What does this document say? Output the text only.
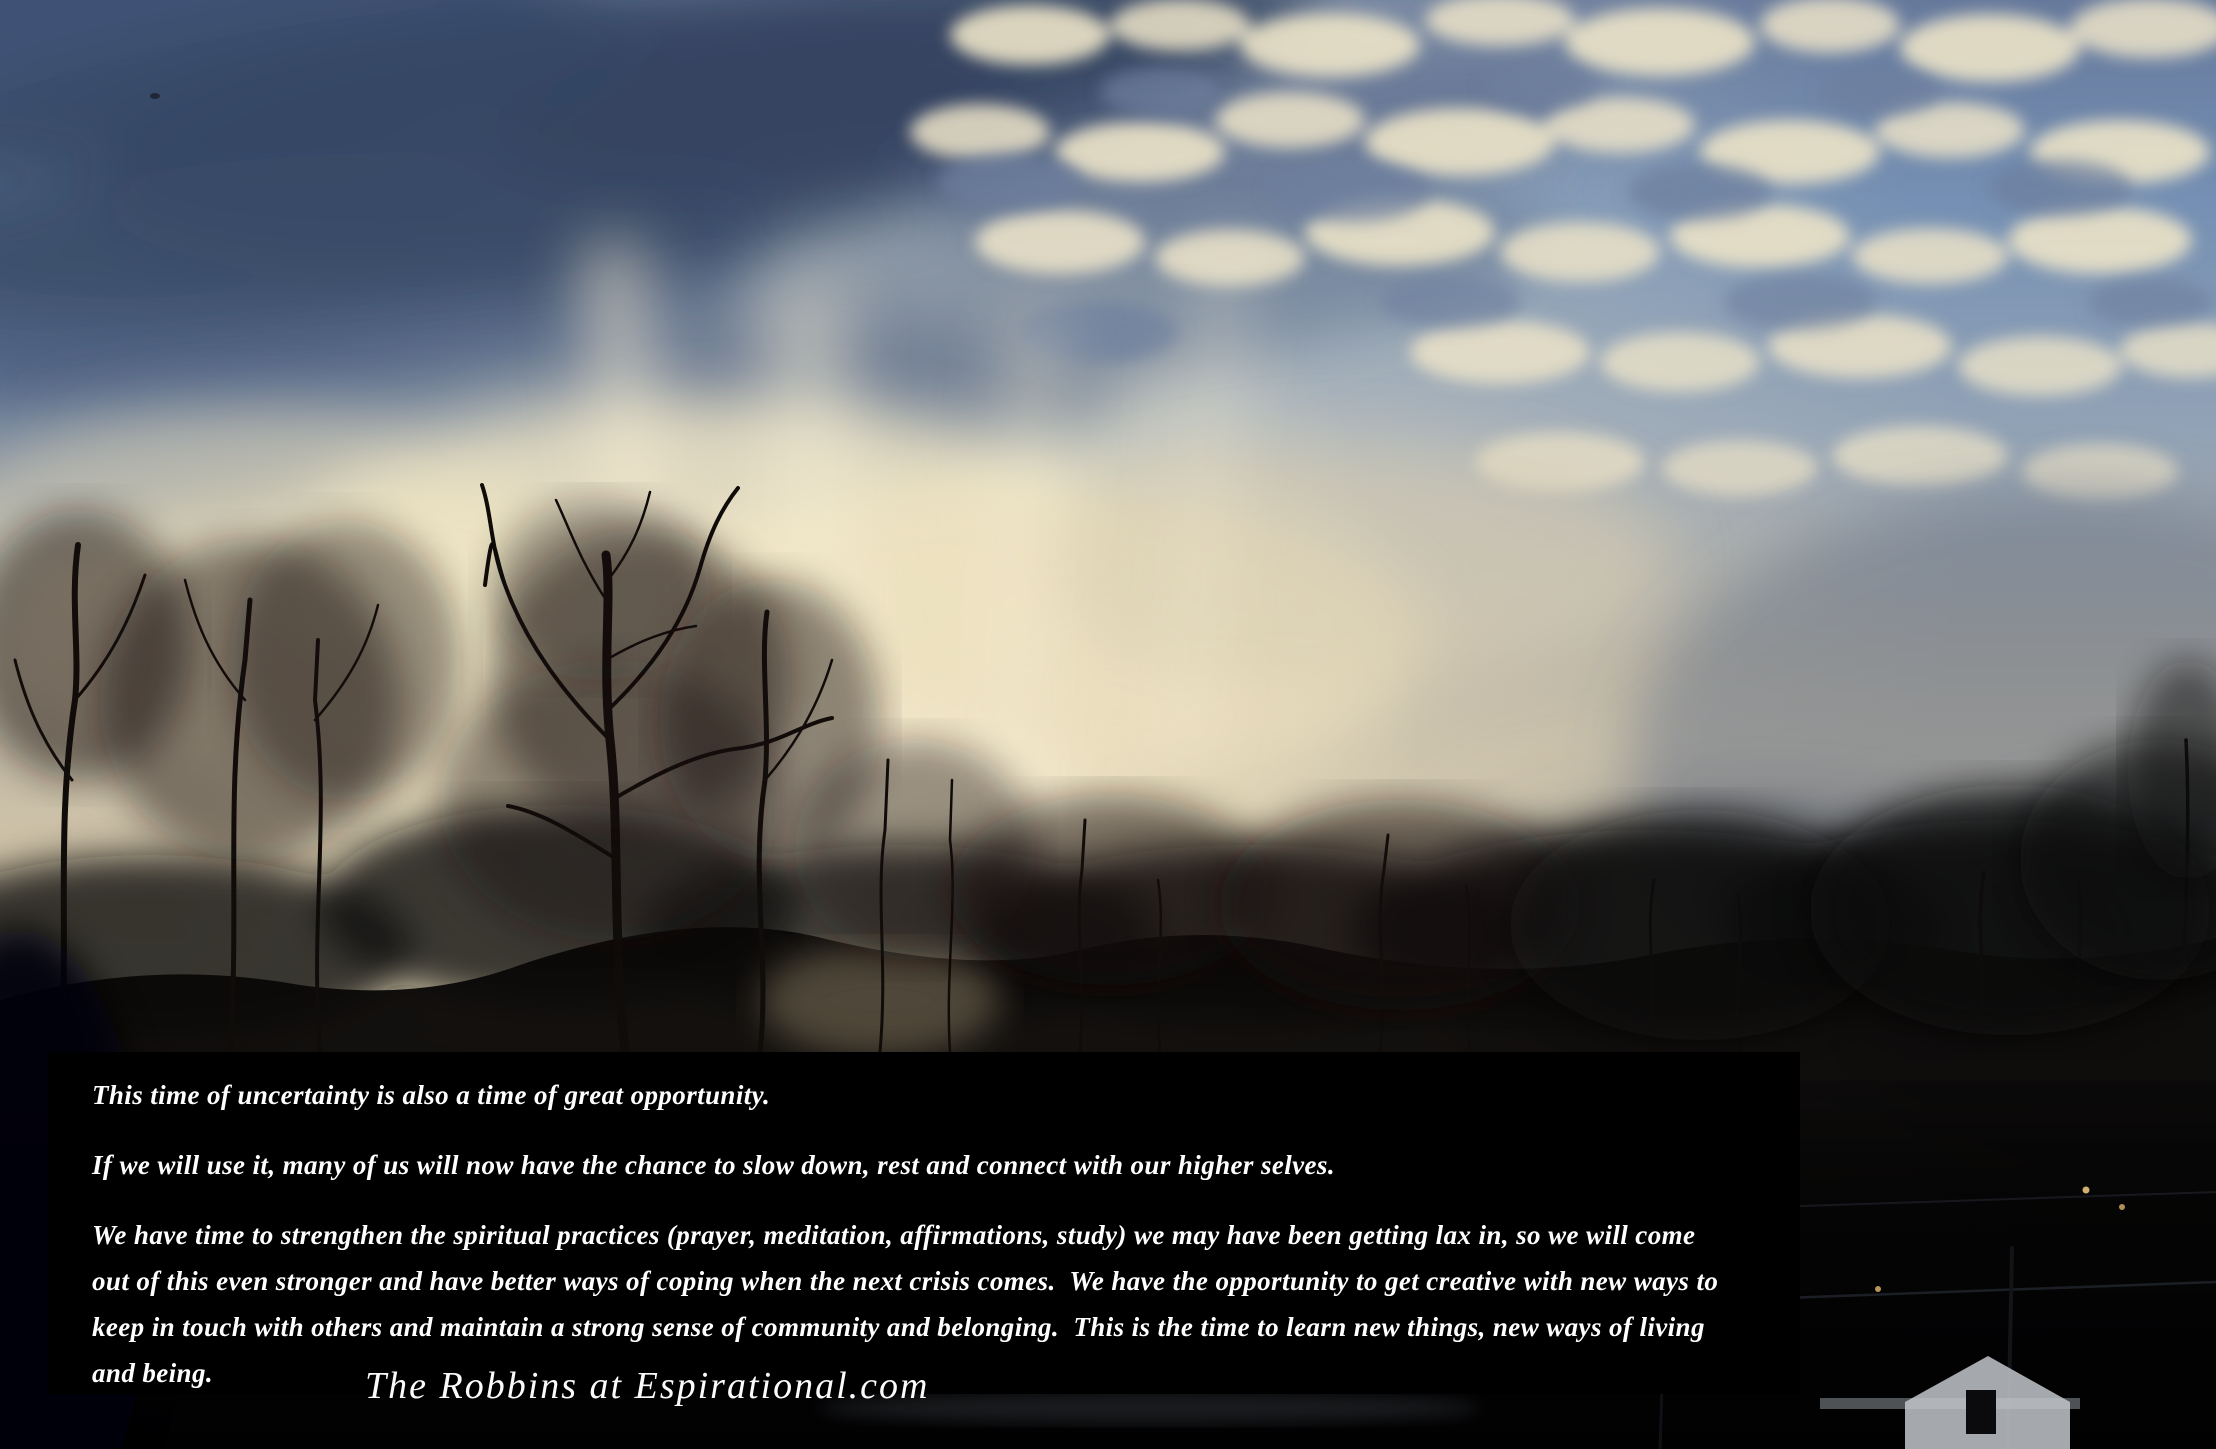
This time of uncertainty is also a time of great opportunity.

If we will use it, many of us will now have the chance to slow down, rest and connect with our higher selves.

We have time to strengthen the spiritual practices (prayer, meditation, affirmations, study) we may have been getting lax in, so we will come
out of this even stronger and have better ways of coping when the next crisis comes.  We have the opportunity to get creative with new ways to
keep in touch with others and maintain a strong sense of community and belonging.  This is the time to learn new things, new ways of living
and being.	The Robbins at Espirational.com
